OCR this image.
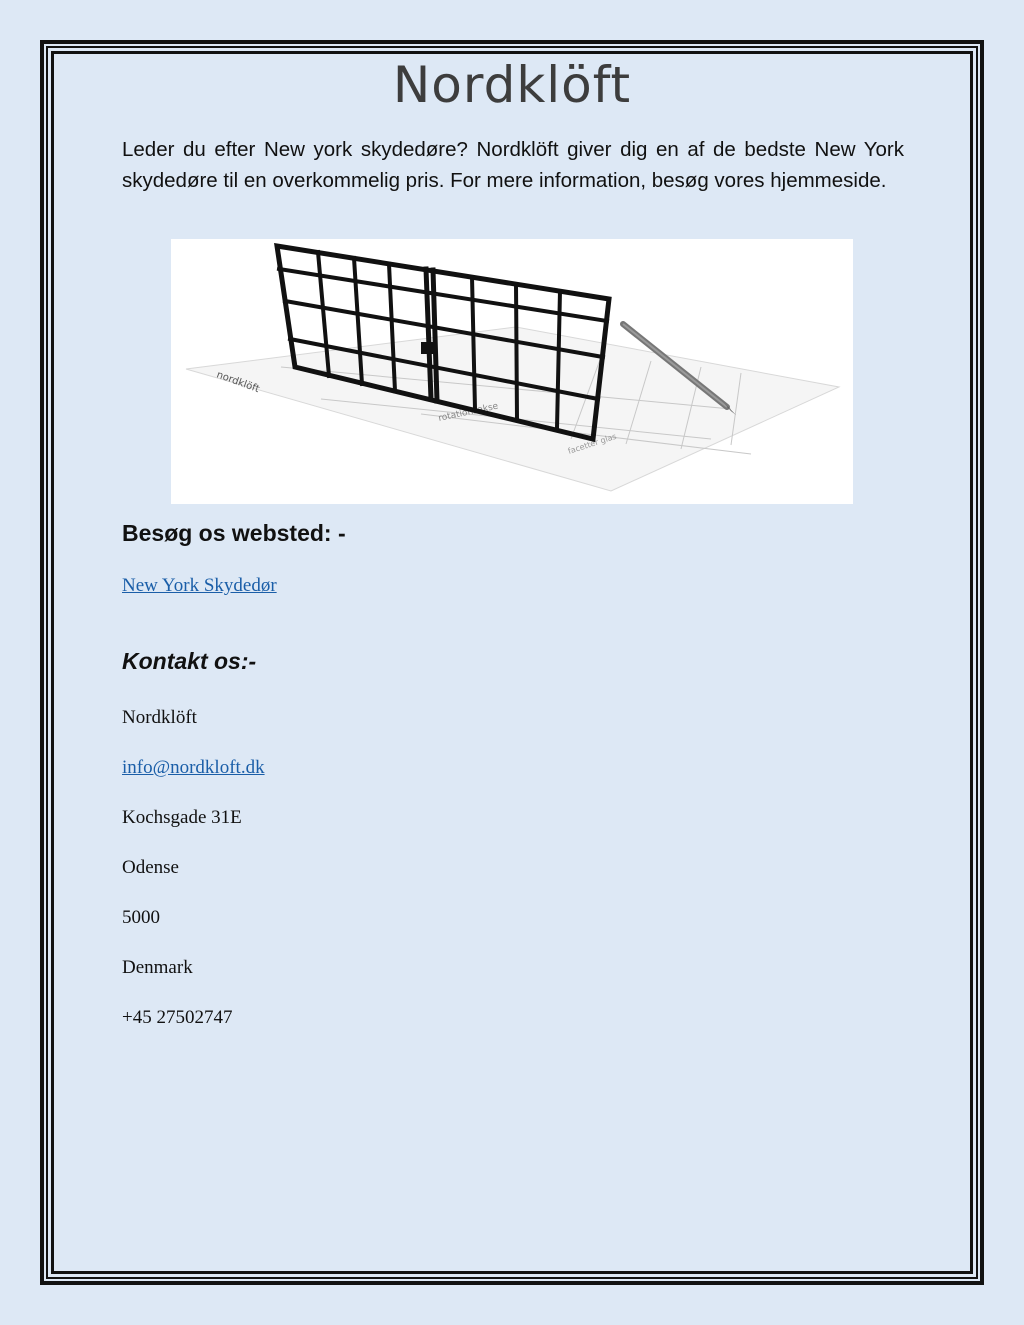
Nordklöft

Leder du efter New york skydedøre? Nordklöft giver dig en af de bedste New York skydedøre til en overkommelig pris. For mere information, besøg vores hjemmeside.

nordklöft
rotationsakse
facetter glas
Besøg os websted: -
New York Skydedør
Kontakt os:-
Nordklöft
info@nordkloft.dk
Kochsgade 31E
Odense
5000
Denmark
+45 27502747
